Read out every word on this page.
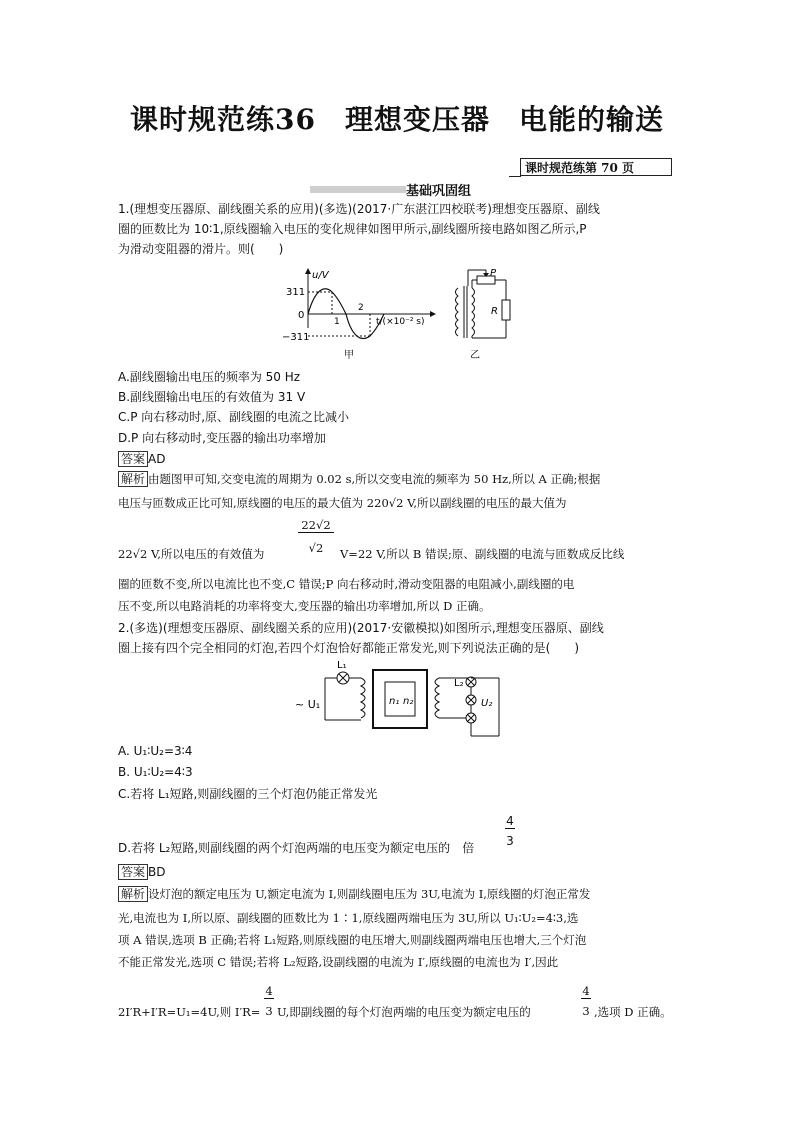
课时规范练36　理想变压器　电能的输送
课时规范练第 70 页
基础巩固组
1.(理想变压器原、副线圈关系的应用)(多选)(2017·广东湛江四校联考)理想变压器原、副线
圈的匝数比为 10∶1,原线圈输入电压的变化规律如图甲所示,副线圈所接电路如图乙所示,P
为滑动变阻器的滑片。则(　　)
311
0
−311
u/V
1
2
t/(×10⁻² s)
甲
P
R
乙
A.副线圈输出电压的频率为 50 Hz
B.副线圈输出电压的有效值为 31 V
C.P 向右移动时,原、副线圈的电流之比减小
D.P 向右移动时,变压器的输出功率增加
答案 AD
解析 由题图甲可知,交变电流的周期为 0.02 s,所以交变电流的频率为 50 Hz,所以 A 正确;根据
电压与匝数成正比可知,原线圈的电压的最大值为 220√2 V,所以副线圈的电压的最大值为
22√2
√2
22√2 V,所以电压的有效值为	V=22 V,所以 B 错误;原、副线圈的电流与匝数成反比线
圈的匝数不变,所以电流比也不变,C 错误;P 向右移动时,滑动变阻器的电阻减小,副线圈的电
压不变,所以电路消耗的功率将变大,变压器的输出功率增加,所以 D 正确。
2.(多选)(理想变压器原、副线圈关系的应用)(2017·安徽模拟)如图所示,理想变压器原、副线
圈上接有四个完全相同的灯泡,若四个灯泡恰好都能正常发光,则下列说法正确的是(　　)
~ U₁
L₁
L₂
n₁ n₂	U₂
A. U₁∶U₂=3∶4
B. U₁∶U₂=4∶3
C.若将 L₁短路,则副线圈的三个灯泡仍能正常发光
4
3
D.若将 L₂短路,则副线圈的两个灯泡两端的电压变为额定电压的 倍
答案 BD
解析 设灯泡的额定电压为 U,额定电流为 I,则副线圈电压为 3U,电流为 I,原线圈的灯泡正常发
光,电流也为 I,所以原、副线圈的匝数比为 1∶1,原线圈两端电压为 3U,所以 U₁∶U₂=4∶3,选
项 A 错误,选项 B 正确;若将 L₁短路,则原线圈的电压增大,则副线圈两端电压也增大,三个灯泡
不能正常发光,选项 C 错误;若将 L₂短路,设副线圈的电流为 I′,原线圈的电流也为 I′,因此
4
3
4
3
2I′R+I′R=U₁=4U,则 I′R= U,即副线圈的每个灯泡两端的电压变为额定电压的	,选项 D 正确。
